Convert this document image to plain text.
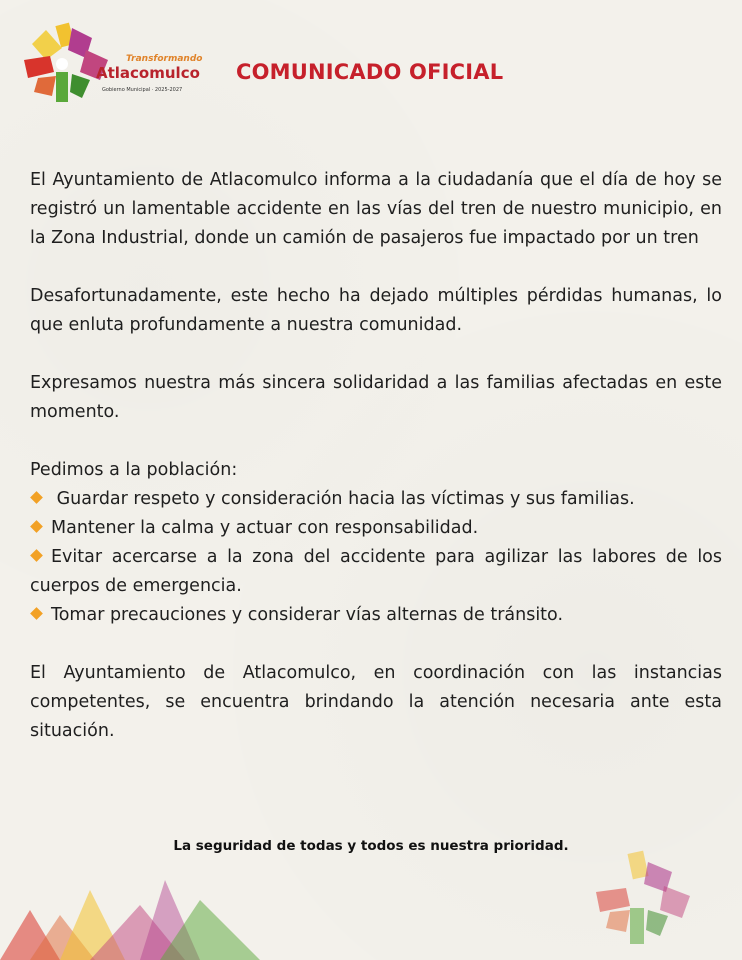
Transformando
Atlacomulco
Gobierno Municipal · 2025-2027
COMUNICADO OFICIAL

El Ayuntamiento de Atlacomulco informa a la ciudadanía que el día de hoy se registró un lamentable accidente en las vías del tren de nuestro municipio, en la Zona Industrial, donde un camión de pasajeros fue impactado por un tren

Desafortunadamente, este hecho ha dejado múltiples pérdidas humanas, lo que enluta profundamente a nuestra comunidad.

Expresamos nuestra más sincera solidaridad a las familias afectadas en este momento.

Pedimos a la población:
Guardar respeto y consideración hacia las víctimas y sus familias.
Mantener la calma y actuar con responsabilidad.
Evitar acercarse a la zona del accidente para agilizar las labores de los cuerpos de emergencia.
Tomar precauciones y considerar vías alternas de tránsito.

El Ayuntamiento de Atlacomulco, en coordinación con las instancias competentes, se encuentra brindando la atención necesaria ante esta situación.

La seguridad de todas y todos es nuestra prioridad.
